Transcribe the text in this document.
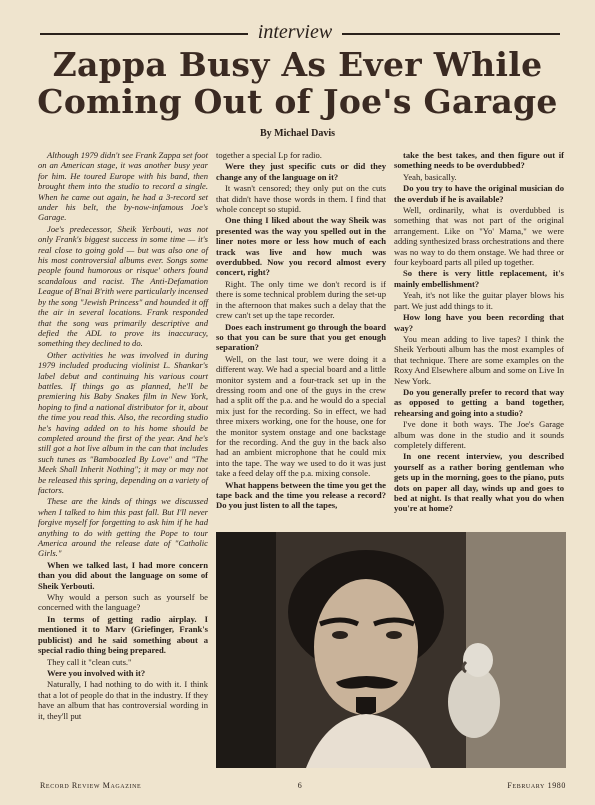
interview
Zappa Busy As Ever While Coming Out of Joe's Garage
By Michael Davis

Although 1979 didn't see Frank Zappa set foot on an American stage, it was another busy year for him. He toured Europe with his band, then brought them into the studio to record a single. When he came out again, he had a 3-record set under his belt, the by-now-infamous Joe's Garage.

Joe's predecessor, Sheik Yerbouti, was not only Frank's biggest success in some time — it's real close to going gold — but was also one of his most controversial albums ever. Songs some people found humorous or risque' others found scandalous and racist. The Anti-Defamation League of B'nai B'rith were particularly incensed by the song "Jewish Princess" and hounded it off the air in several locations. Frank responded that the song was primarily descriptive and defied the ADL to prove its inaccuracy, something they declined to do.

Other activities he was involved in during 1979 included producing violinist L. Shankar's label debut and continuing his various court battles. If things go as planned, he'll be premiering his Baby Snakes film in New York, hoping to find a national distributor for it, about the time you read this. Also, the recording studio he's having added on to his home should be completed around the first of the year. And he's still got a hot live album in the can that includes such tunes as "Bamboozled By Love" and "The Meek Shall Inherit Nothing"; it may or may not be released this spring, depending on a variety of factors.

These are the kinds of things we discussed when I talked to him this past fall. But I'll never forgive myself for forgetting to ask him if he had anything to do with getting the Pope to tour America around the release date of "Catholic Girls."

When we talked last, I had more concern than you did about the language on some of Sheik Yerbouti.

Why would a person such as yourself be concerned with the language?

In terms of getting radio airplay. I mentioned it to Marv (Griefinger, Frank's publicist) and he said something about a special radio thing being prepared.

They call it "clean cuts."

Were you involved with it?

Naturally, I had nothing to do with it. I think that a lot of people do that in the industry. If they have an album that has controversial wording in it, they'll put

together a special Lp for radio.

Were they just specific cuts or did they change any of the language on it?

It wasn't censored; they only put on the cuts that didn't have those words in them. I find that whole concept so stupid.

One thing I liked about the way Sheik was presented was the way you spelled out in the liner notes more or less how much of each track was live and how much was overdubbed. Now you record almost every concert, right?

Right. The only time we don't record is if there is some technical problem during the set-up in the afternoon that makes such a delay that the crew can't set up the tape recorder.

Does each instrument go through the board so that you can be sure that you get enough separation?

Well, on the last tour, we were doing it a different way. We had a special board and a little monitor system and a four-track set up in the dressing room and one of the guys in the crew had a split off the p.a. and he would do a special mix just for the recording. So in effect, we had three mixers working, one for the house, one for the monitor system onstage and one backstage for the recording. And the guy in the back also had an ambient microphone that he could mix into the tape. The way we used to do it was just take a feed delay off the p.a. mixing console.

What happens between the time you get the tape back and the time you release a record? Do you just listen to all the tapes,

take the best takes, and then figure out if something needs to be overdubbed?

Yeah, basically.

Do you try to have the original musician do the overdub if he is available?

Well, ordinarily, what is overdubbed is something that was not part of the original arrangement. Like on "Yo' Mama," we were adding synthesized brass orchestrations and there was no way to do them onstage. We had three or four keyboard parts all piled up together.

So there is very little replacement, it's mainly embellishment?

Yeah, it's not like the guitar player blows his part. We just add things to it.

How long have you been recording that way?

You mean adding to live tapes? I think the Sheik Yerbouti album has the most examples of that technique. There are some examples on the Roxy And Elsewhere album and some on Live In New York.

Do you generally prefer to record that way as opposed to getting a band together, rehearsing and going into a studio?

I've done it both ways. The Joe's Garage album was done in the studio and it sounds completely different.

In one recent interview, you described yourself as a rather boring gentleman who gets up in the morning, goes to the piano, puts dots on paper all day, winds up and goes to bed at night. Is that really what you do when you're at home?

Record Review Magazine	6	February 1980
